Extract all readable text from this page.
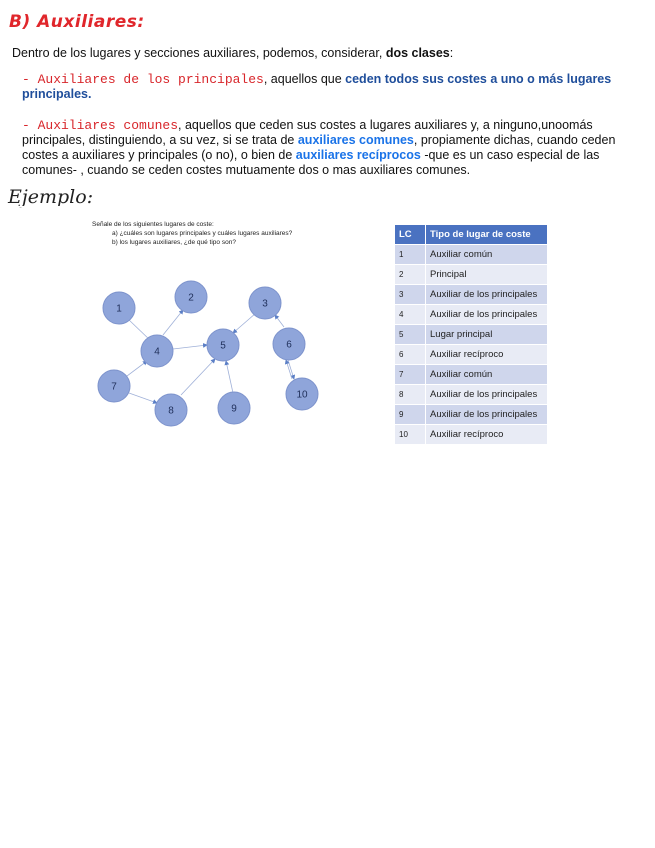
B) Auxiliares:
Dentro de los lugares y secciones auxiliares, podemos, considerar, dos clases:
- Auxiliares de los principales, aquellos que ceden todos sus costes a uno o más lugares principales.
- Auxiliares comunes, aquellos que ceden sus costes a lugares auxiliares y, a ninguno,unoomás principales, distinguiendo, a su vez, si se trata de auxiliares comunes, propiamente dichas, cuando ceden costes a auxiliares y principales (o no), o bien de auxiliares recíprocos -que es un caso especial de las comunes- , cuando se ceden costes mutuamente dos o mas auxiliares comunes.
Ejemplo:
Señale de los siguientes lugares de coste:
a) ¿cuáles son lugares principales y cuáles lugares auxiliares?
b) los lugares auxiliares, ¿de qué tipo son?
1
2
3
4
5	6
7
8	9
10
LC	Tipo de lugar de coste
1	Auxiliar común
2	Principal
3	Auxiliar de los principales
4	Auxiliar de los principales
5	Lugar principal
6	Auxiliar recíproco
7	Auxiliar común
8	Auxiliar de los principales
9	Auxiliar de los principales
10	Auxiliar recíproco
